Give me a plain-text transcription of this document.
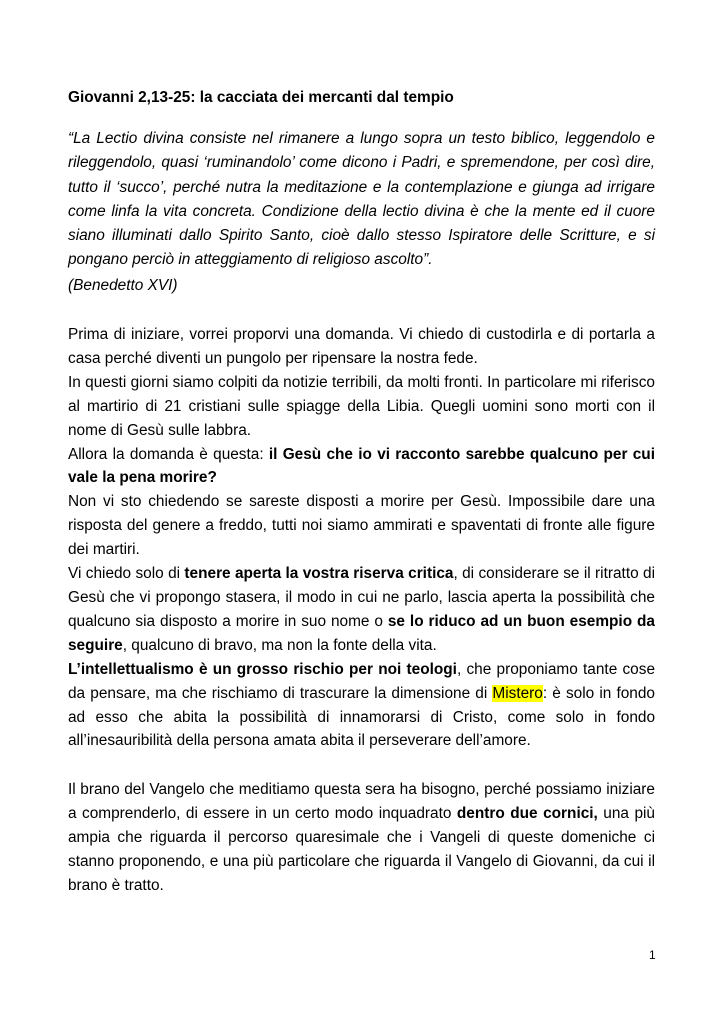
Giovanni 2,13-25: la cacciata dei mercanti dal tempio
“La Lectio divina consiste nel rimanere a lungo sopra un testo biblico, leggendolo e rileggendolo, quasi ‘ruminandolo’ come dicono i Padri, e spremendone, per così dire, tutto il ‘succo’, perché nutra la meditazione e la contemplazione e giunga ad irrigare come linfa la vita concreta. Condizione della lectio divina è che la mente ed il cuore siano illuminati dallo Spirito Santo, cioè dallo stesso Ispiratore delle Scritture, e si pongano perciò in atteggiamento di religioso ascolto”.
(Benedetto XVI)

Prima di iniziare, vorrei proporvi una domanda. Vi chiedo di custodirla e di portarla a casa perché diventi un pungolo per ripensare la nostra fede.

In questi giorni siamo colpiti da notizie terribili, da molti fronti. In particolare mi riferisco al martirio di 21 cristiani sulle spiagge della Libia. Quegli uomini sono morti con il nome di Gesù sulle labbra.

Allora la domanda è questa: il Gesù che io vi racconto sarebbe qualcuno per cui vale la pena morire?

Non vi sto chiedendo se sareste disposti a morire per Gesù. Impossibile dare una risposta del genere a freddo, tutti noi siamo ammirati e spaventati di fronte alle figure dei martiri.

Vi chiedo solo di tenere aperta la vostra riserva critica, di considerare se il ritratto di Gesù che vi propongo stasera, il modo in cui ne parlo, lascia aperta la possibilità che qualcuno sia disposto a morire in suo nome o se lo riduco ad un buon esempio da seguire, qualcuno di bravo, ma non la fonte della vita.

L’intellettualismo è un grosso rischio per noi teologi, che proponiamo tante cose da pensare, ma che rischiamo di trascurare la dimensione di Mistero: è solo in fondo ad esso che abita la possibilità di innamorarsi di Cristo, come solo in fondo all’inesauribilità della persona amata abita il perseverare dell’amore.

Il brano del Vangelo che meditiamo questa sera ha bisogno, perché possiamo iniziare a comprenderlo, di essere in un certo modo inquadrato dentro due cornici, una più ampia che riguarda il percorso quaresimale che i Vangeli di queste domeniche ci stanno proponendo, e una più particolare che riguarda il Vangelo di Giovanni, da cui il brano è tratto.

1
